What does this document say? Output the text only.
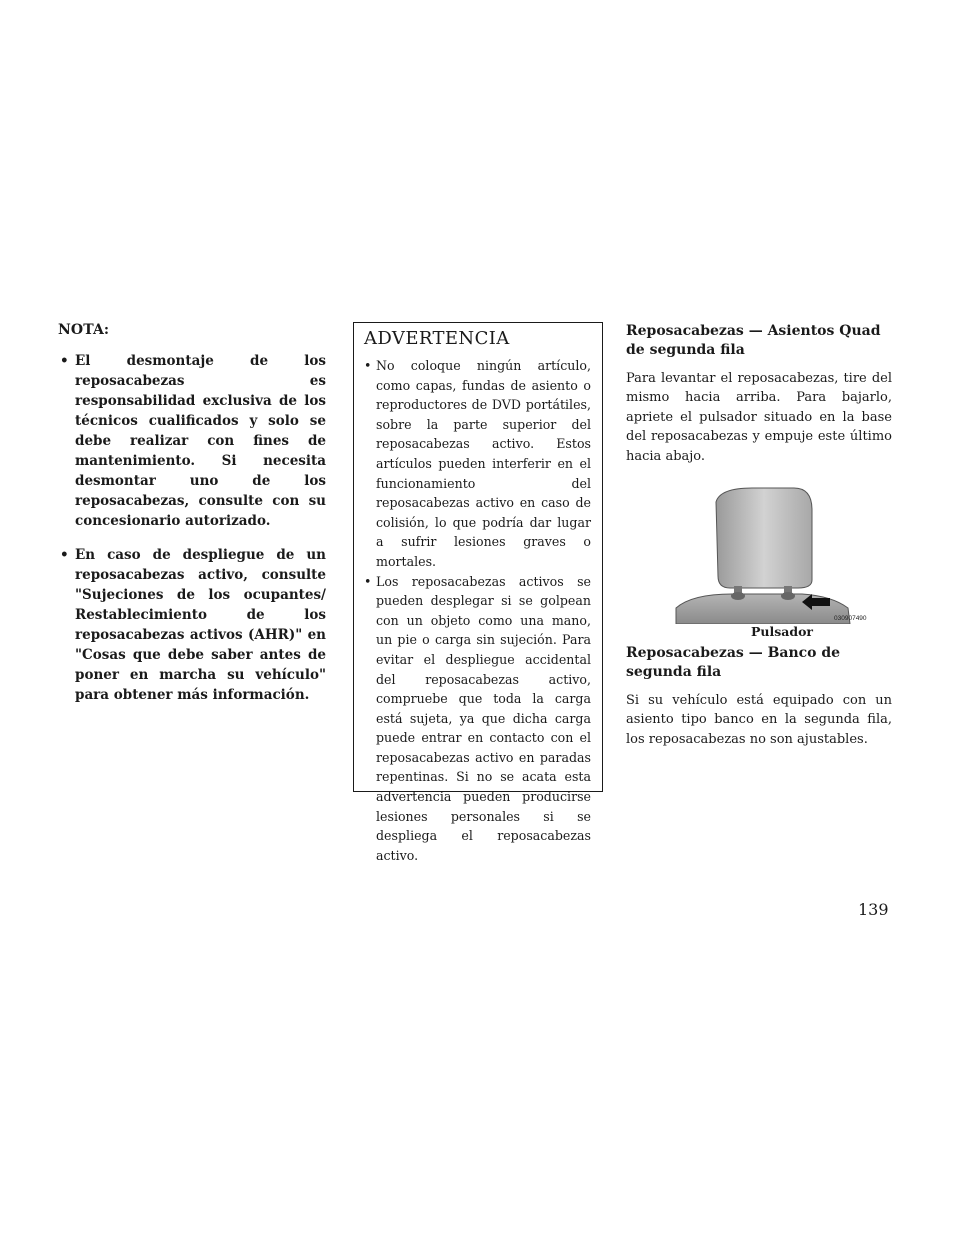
NOTA:

• El desmontaje de los reposacabezas es responsabilidad exclusiva de los técnicos cualificados y solo se debe realizar con fines de mantenimiento. Si necesita desmontar uno de los reposacabezas, consulte con su concesionario autorizado.
• En caso de despliegue de un reposacabezas activo, consulte "Sujeciones de los ocupantes/ Restablecimiento de los reposacabezas activos (AHR)" en "Cosas que debe saber antes de poner en marcha su vehículo" para obtener más información.
ADVERTENCIA
• No coloque ningún artículo, como capas, fundas de asiento o reproductores de DVD portátiles, sobre la parte superior del reposacabezas activo. Estos artículos pueden interferir en el funcionamiento del reposacabezas activo en caso de colisión, lo que podría dar lugar a sufrir lesiones graves o mortales.
• Los reposacabezas activos se pueden desplegar si se golpean con un objeto como una mano, un pie o carga sin sujeción. Para evitar el despliegue accidental del reposacabezas activo, compruebe que toda la carga está sujeta, ya que dicha carga puede entrar en contacto con el reposacabezas activo en paradas repentinas. Si no se acata esta advertencia pueden producirse lesiones personales si se despliega el reposacabezas activo.
Reposacabezas — Asientos Quad de segunda fila

Para levantar el reposacabezas, tire del mismo hacia arriba. Para bajarlo, apriete el pulsador situado en la base del reposacabezas y empuje este último hacia abajo.

030907490

Pulsador

Reposacabezas — Banco de segunda fila

Si su vehículo está equipado con un asiento tipo banco en la segunda fila, los reposacabezas no son ajustables.

139
